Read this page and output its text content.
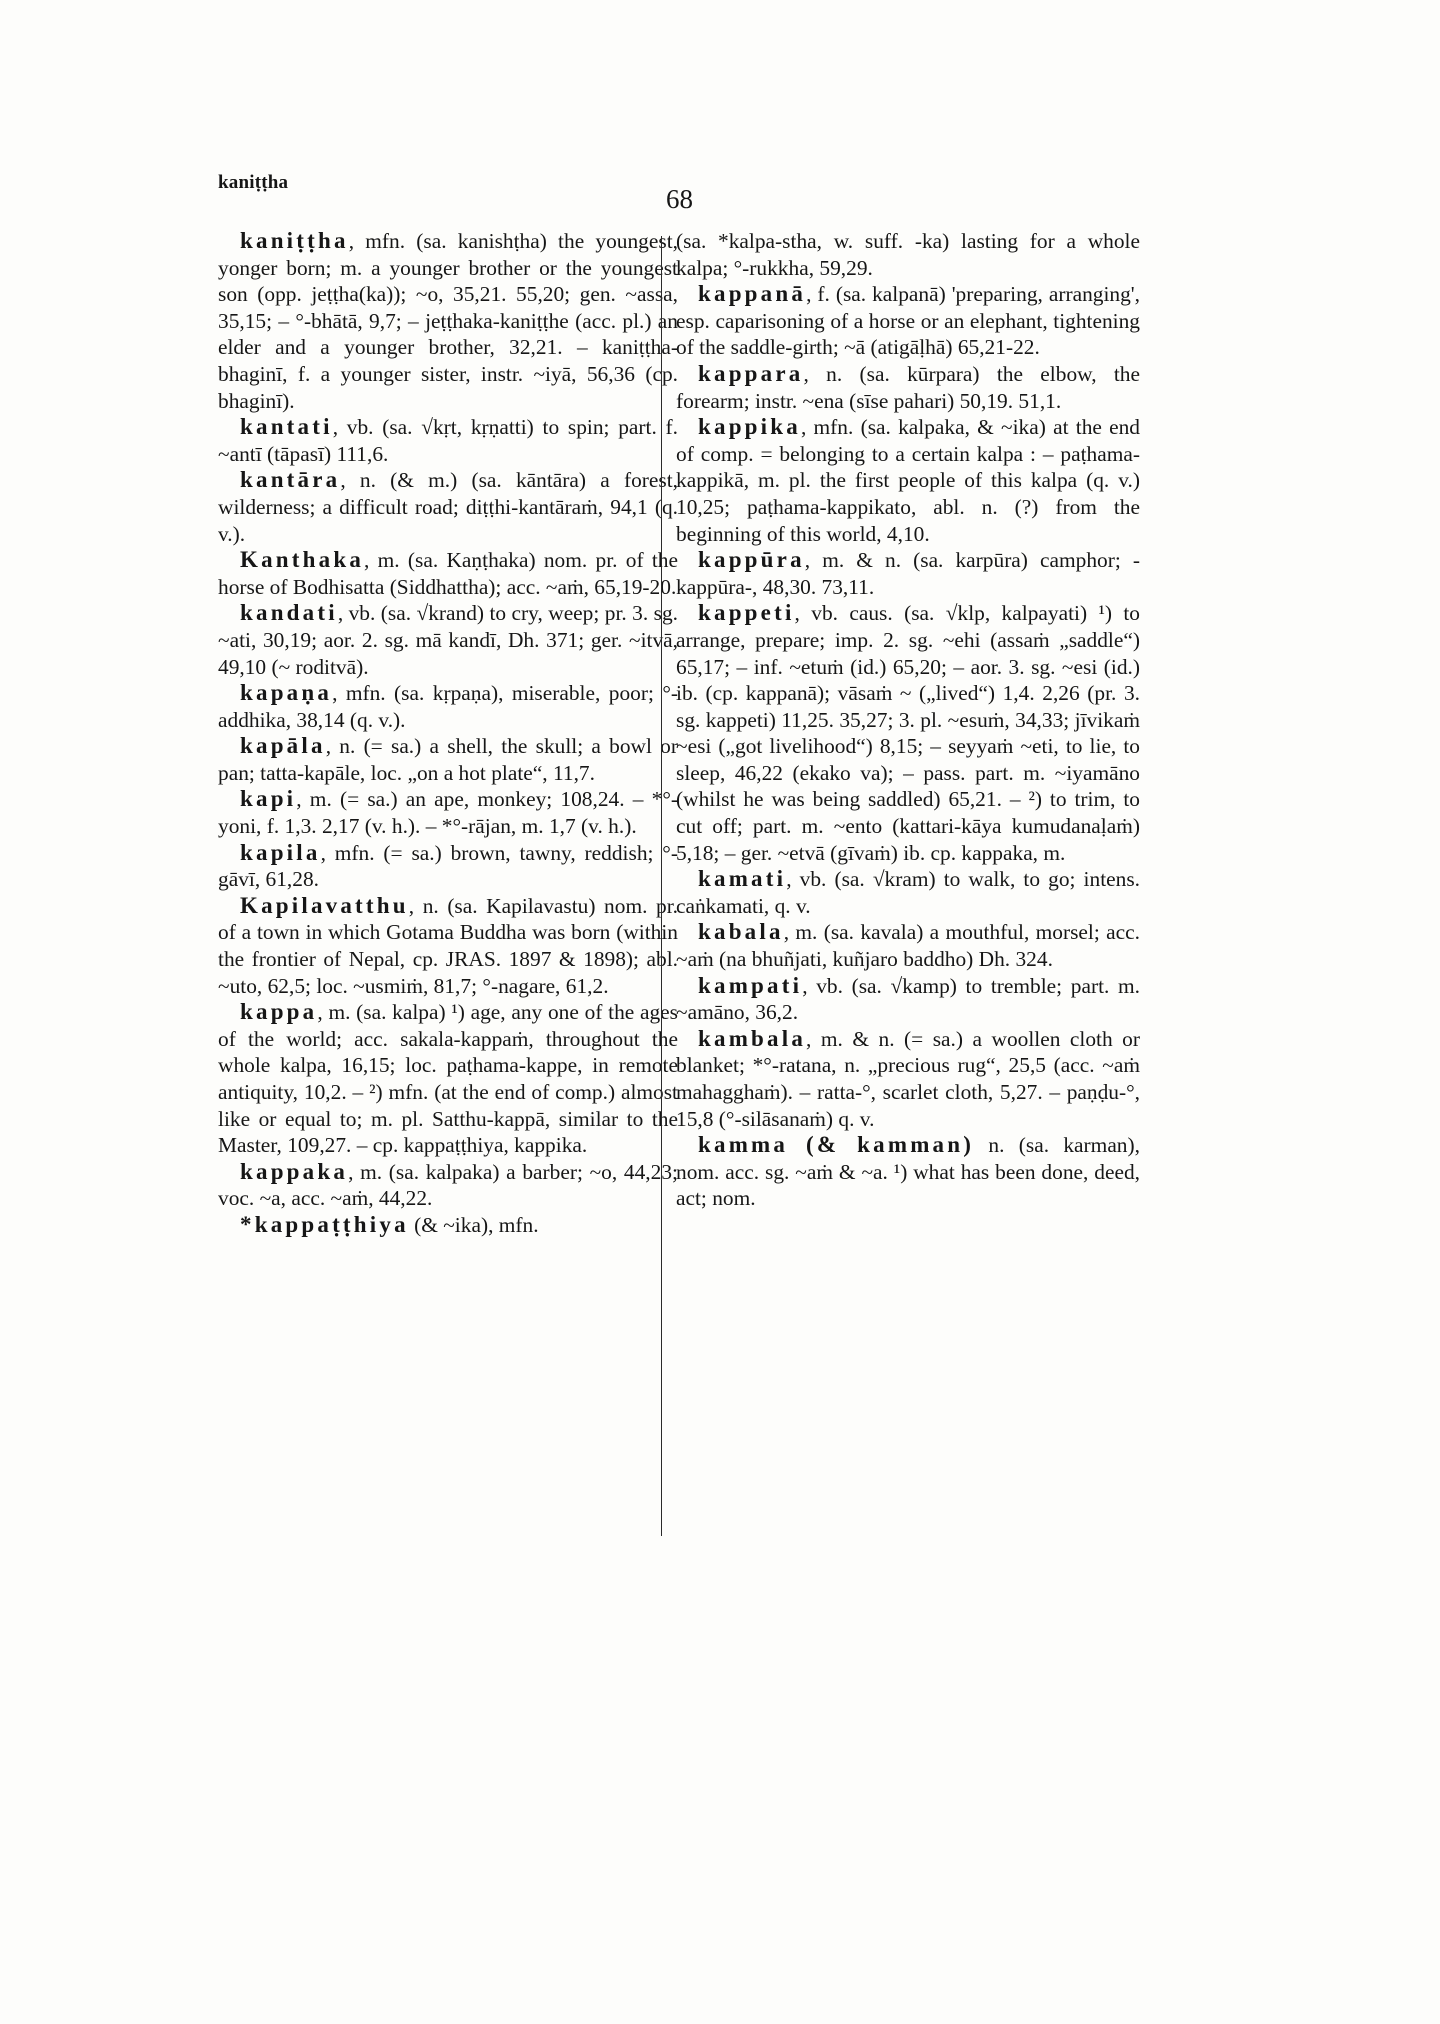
kaniṭṭha
68

kaniṭṭha, mfn. (sa. kanishṭha) the youngest, yonger born; m. a younger brother or the youngest son (opp. jeṭṭha(ka)); ~o, 35,21. 55,20; gen. ~assa, 35,15; – °-bhātā, 9,7; – jeṭṭhaka-kaniṭṭhe (acc. pl.) an elder and a younger brother, 32,21. – kaniṭṭha-bhaginī, f. a younger sister, instr. ~iyā, 56,36 (cp. bhaginī).

kantati, vb. (sa. √kṛt, kṛṇatti) to spin; part. f. ~antī (tāpasī) 111,6.

kantāra, n. (& m.) (sa. kāntāra) a forest, wilderness; a difficult road; diṭṭhi-kantāraṁ, 94,1 (q. v.).

Kanthaka, m. (sa. Kaṇṭhaka) nom. pr. of the horse of Bodhisatta (Siddhattha); acc. ~aṁ, 65,19-20.

kandati, vb. (sa. √krand) to cry, weep; pr. 3. sg. ~ati, 30,19; aor. 2. sg. mā kandī, Dh. 371; ger. ~itvā, 49,10 (~ roditvā).

kapaṇa, mfn. (sa. kṛpaṇa), miserable, poor; °-addhika, 38,14 (q. v.).

kapāla, n. (= sa.) a shell, the skull; a bowl or pan; tatta-kapāle, loc. „on a hot plate“, 11,7.

kapi, m. (= sa.) an ape, monkey; 108,24. – *°-yoni, f. 1,3. 2,17 (v. h.). – *°-rājan, m. 1,7 (v. h.).

kapila, mfn. (= sa.) brown, tawny, reddish; °-gāvī, 61,28.

Kapilavatthu, n. (sa. Kapilavastu) nom. pr. of a town in which Gotama Buddha was born (within the frontier of Nepal, cp. JRAS. 1897 & 1898); abl. ~uto, 62,5; loc. ~usmiṁ, 81,7; °-nagare, 61,2.

kappa, m. (sa. kalpa) ¹) age, any one of the ages of the world; acc. sakala-kappaṁ, throughout the whole kalpa, 16,15; loc. paṭhama-kappe, in remote antiquity, 10,2. – ²) mfn. (at the end of comp.) almost like or equal to; m. pl. Satthu-kappā, similar to the Master, 109,27. – cp. kappaṭṭhiya, kappika.

kappaka, m. (sa. kalpaka) a barber; ~o, 44,23; voc. ~a, acc. ~aṁ, 44,22.

*kappaṭṭhiya (& ~ika), mfn.

(sa. *kalpa-stha, w. suff. -ka) lasting for a whole kalpa; °-rukkha, 59,29.

kappanā, f. (sa. kalpanā) 'preparing, arranging', esp. caparisoning of a horse or an elephant, tightening of the saddle-girth; ~ā (atigāḷhā) 65,21-22.

kappara, n. (sa. kūrpara) the elbow, the forearm; instr. ~ena (sīse pahari) 50,19. 51,1.

kappika, mfn. (sa. kalpaka, & ~ika) at the end of comp. = belonging to a certain kalpa : – paṭhama-kappikā, m. pl. the first people of this kalpa (q. v.) 10,25; paṭhama-kappikato, abl. n. (?) from the beginning of this world, 4,10.

kappūra, m. & n. (sa. karpūra) camphor; -kappūra-, 48,30. 73,11.

kappeti, vb. caus. (sa. √klp, kalpayati) ¹) to arrange, prepare; imp. 2. sg. ~ehi (assaṁ „saddle“) 65,17; – inf. ~etuṁ (id.) 65,20; – aor. 3. sg. ~esi (id.) ib. (cp. kappanā); vāsaṁ ~ („lived“) 1,4. 2,26 (pr. 3. sg. kappeti) 11,25. 35,27; 3. pl. ~esuṁ, 34,33; jīvikaṁ ~esi („got livelihood“) 8,15; – seyyaṁ ~eti, to lie, to sleep, 46,22 (ekako va); – pass. part. m. ~iyamāno (whilst he was being saddled) 65,21. – ²) to trim, to cut off; part. m. ~ento (kattari-kāya kumudanaḷaṁ) 5,18; – ger. ~etvā (gīvaṁ) ib. cp. kappaka, m.

kamati, vb. (sa. √kram) to walk, to go; intens. caṅkamati, q. v.

kabala, m. (sa. kavala) a mouthful, morsel; acc. ~aṁ (na bhuñjati, kuñjaro baddho) Dh. 324.

kampati, vb. (sa. √kamp) to tremble; part. m. ~amāno, 36,2.

kambala, m. & n. (= sa.) a woollen cloth or blanket; *°-ratana, n. „precious rug“, 25,5 (acc. ~aṁ mahagghaṁ). – ratta-°, scarlet cloth, 5,27. – paṇḍu-°, 15,8 (°-silāsanaṁ) q. v.

kamma (& kamman) n. (sa. karman), nom. acc. sg. ~aṁ & ~a. ¹) what has been done, deed, act; nom.
